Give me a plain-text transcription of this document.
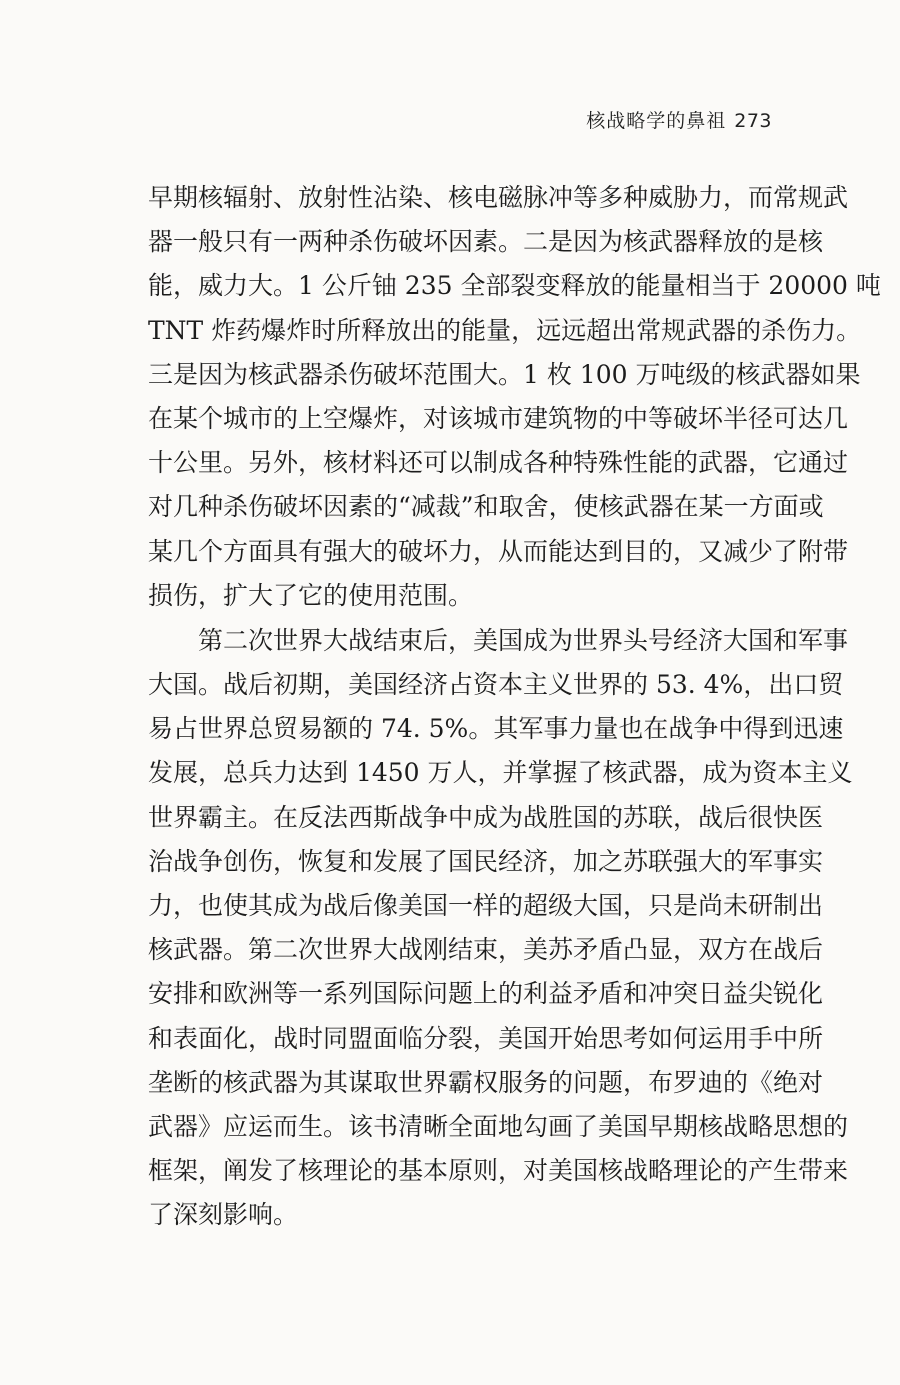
核战略学的鼻祖 273
早期核辐射、放射性沾染、核电磁脉冲等多种威胁力，而常规武
器一般只有一两种杀伤破坏因素。二是因为核武器释放的是核
能，威力大。1 公斤铀 235 全部裂变释放的能量相当于 20000 吨
TNT 炸药爆炸时所释放出的能量，远远超出常规武器的杀伤力。
三是因为核武器杀伤破坏范围大。1 枚 100 万吨级的核武器如果
在某个城市的上空爆炸，对该城市建筑物的中等破坏半径可达几
十公里。另外，核材料还可以制成各种特殊性能的武器，它通过
对几种杀伤破坏因素的“减裁”和取舍，使核武器在某一方面或
某几个方面具有强大的破坏力，从而能达到目的，又减少了附带
损伤，扩大了它的使用范围。
第二次世界大战结束后，美国成为世界头号经济大国和军事
大国。战后初期，美国经济占资本主义世界的 53. 4%，出口贸
易占世界总贸易额的 74. 5%。其军事力量也在战争中得到迅速
发展，总兵力达到 1450 万人，并掌握了核武器，成为资本主义
世界霸主。在反法西斯战争中成为战胜国的苏联，战后很快医
治战争创伤，恢复和发展了国民经济，加之苏联强大的军事实
力，也使其成为战后像美国一样的超级大国，只是尚未研制出
核武器。第二次世界大战刚结束，美苏矛盾凸显，双方在战后
安排和欧洲等一系列国际问题上的利益矛盾和冲突日益尖锐化
和表面化，战时同盟面临分裂，美国开始思考如何运用手中所
垄断的核武器为其谋取世界霸权服务的问题，布罗迪的《绝对
武器》应运而生。该书清晰全面地勾画了美国早期核战略思想的
框架，阐发了核理论的基本原则，对美国核战略理论的产生带来
了深刻影响。
